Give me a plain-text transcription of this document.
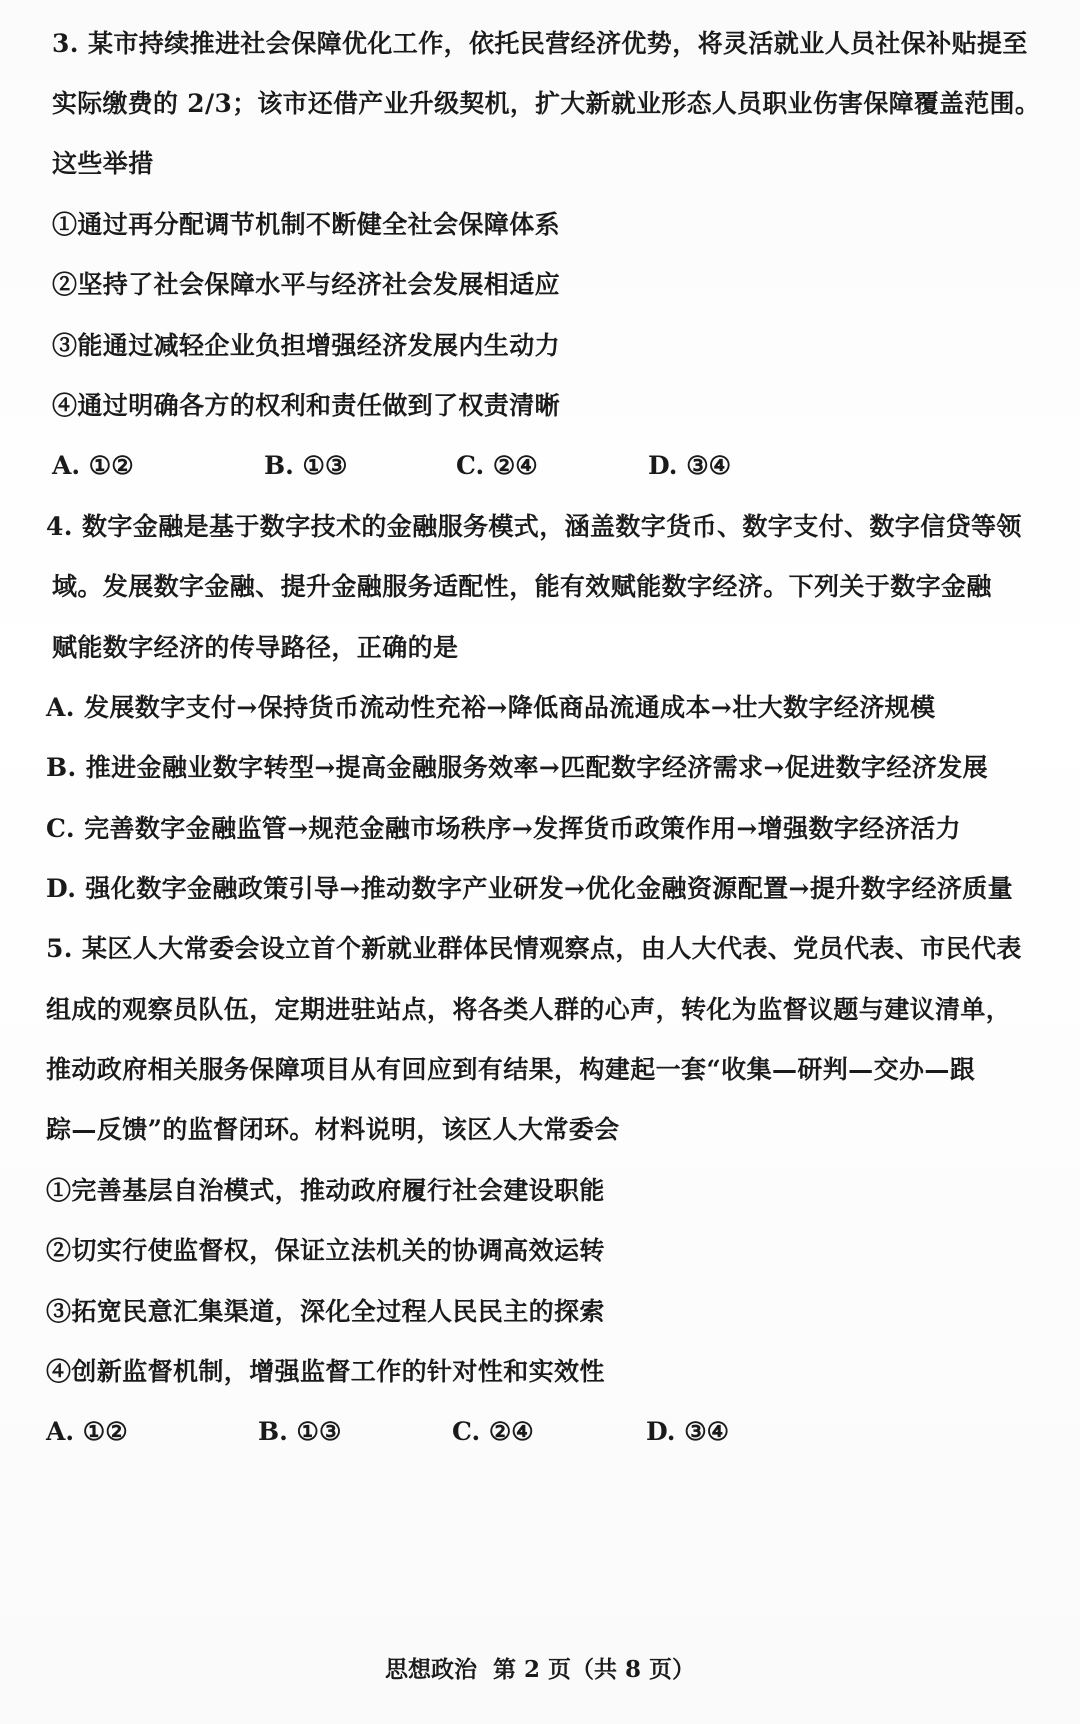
3. 某市持续推进社会保障优化工作，依托民营经济优势，将灵活就业人员社保补贴提至
实际缴费的 2/3；该市还借产业升级契机，扩大新就业形态人员职业伤害保障覆盖范围。
这些举措
①通过再分配调节机制不断健全社会保障体系
②坚持了社会保障水平与经济社会发展相适应
③能通过减轻企业负担增强经济发展内生动力
④通过明确各方的权利和责任做到了权责清晰
A. ①②	B. ①③	C. ②④	D. ③④
4. 数字金融是基于数字技术的金融服务模式，涵盖数字货币、数字支付、数字信贷等领
域。发展数字金融、提升金融服务适配性，能有效赋能数字经济。下列关于数字金融
赋能数字经济的传导路径，正确的是
A. 发展数字支付→保持货币流动性充裕→降低商品流通成本→壮大数字经济规模
B. 推进金融业数字转型→提高金融服务效率→匹配数字经济需求→促进数字经济发展
C. 完善数字金融监管→规范金融市场秩序→发挥货币政策作用→增强数字经济活力
D. 强化数字金融政策引导→推动数字产业研发→优化金融资源配置→提升数字经济质量
5. 某区人大常委会设立首个新就业群体民情观察点，由人大代表、党员代表、市民代表
组成的观察员队伍，定期进驻站点，将各类人群的心声，转化为监督议题与建议清单，
推动政府相关服务保障项目从有回应到有结果，构建起一套“收集—研判—交办—跟
踪—反馈”的监督闭环。材料说明，该区人大常委会
①完善基层自治模式，推动政府履行社会建设职能
②切实行使监督权，保证立法机关的协调高效运转
③拓宽民意汇集渠道，深化全过程人民民主的探索
④创新监督机制，增强监督工作的针对性和实效性
A. ①②	B. ①③	C. ②④	D. ③④
思想政治  第 2 页（共 8 页）
